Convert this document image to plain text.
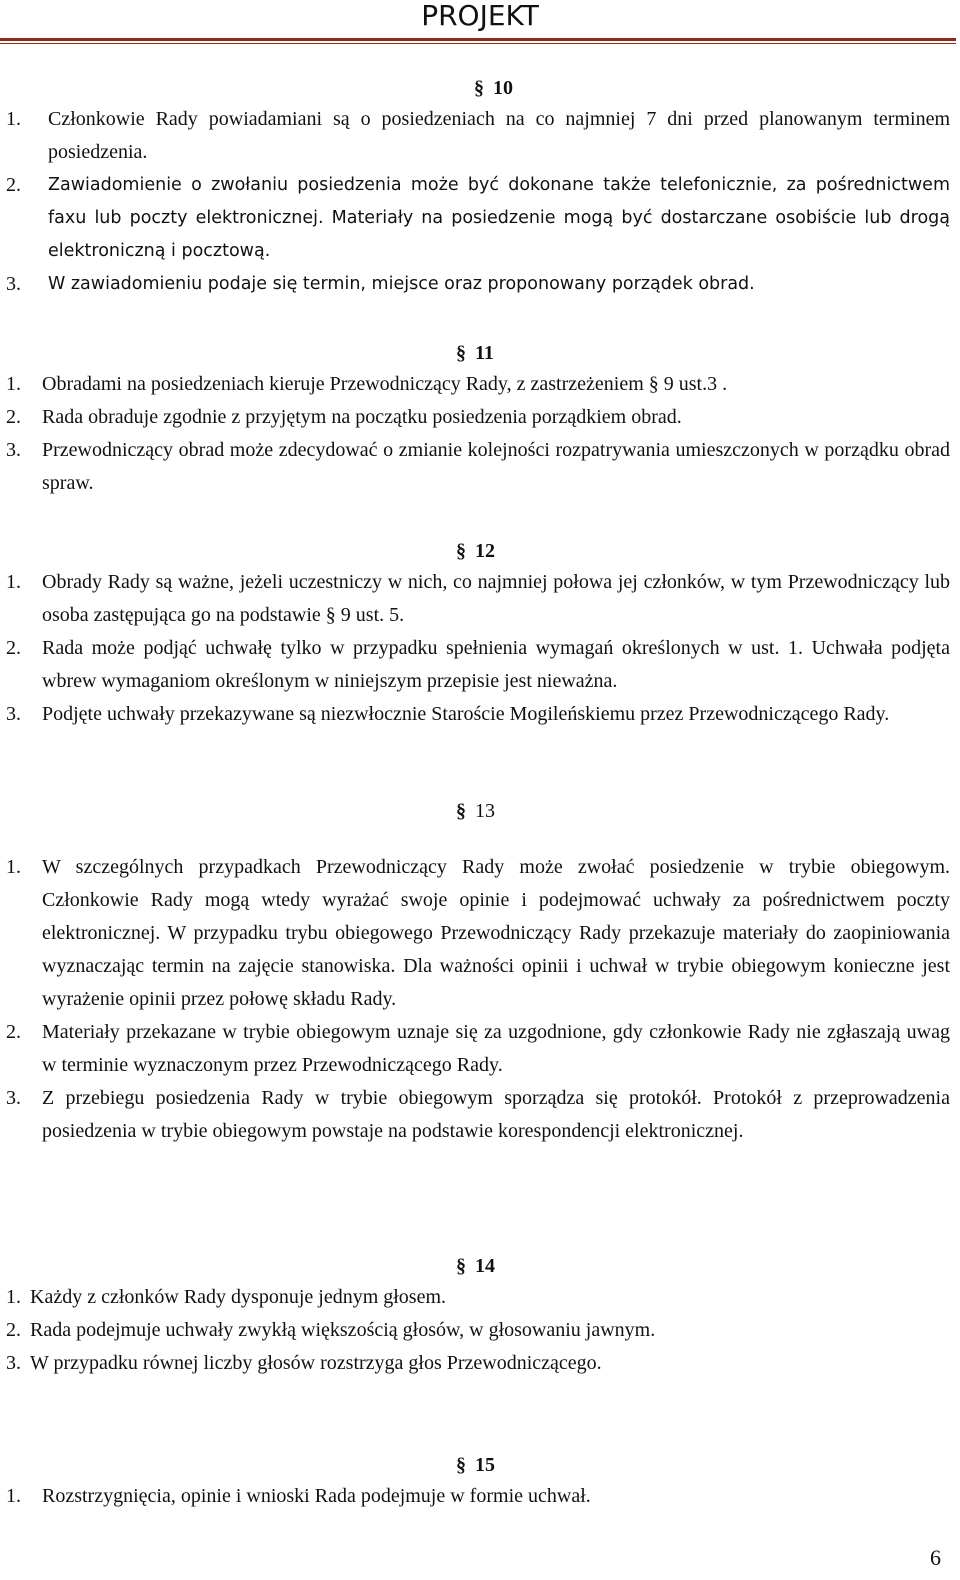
PROJEKT
§ 10
1.	Członkowie Rady powiadamiani są o posiedzeniach na co najmniej 7 dni przed planowanym terminem posiedzenia.
2.	Zawiadomienie o zwołaniu posiedzenia może być dokonane także telefonicznie, za pośrednictwem faxu lub poczty elektronicznej. Materiały na posiedzenie mogą być dostarczane osobiście lub drogą elektroniczną i pocztową.
3.	W zawiadomieniu podaje się termin, miejsce oraz proponowany porządek obrad.
§ 11
1.	Obradami na posiedzeniach kieruje Przewodniczący Rady, z zastrzeżeniem § 9 ust.3 .
2.	Rada obraduje zgodnie z przyjętym na początku posiedzenia porządkiem obrad.
3.	Przewodniczący obrad może zdecydować o zmianie kolejności rozpatrywania umieszczonych w porządku obrad spraw.
§ 12
1.	Obrady Rady są ważne, jeżeli uczestniczy w nich, co najmniej połowa jej członków, w tym Przewodniczący lub osoba zastępująca go na podstawie § 9 ust. 5.
2.	Rada może podjąć uchwałę tylko w przypadku spełnienia wymagań określonych w ust. 1. Uchwała podjęta wbrew wymaganiom określonym w niniejszym przepisie jest nieważna.
3.	Podjęte uchwały przekazywane są niezwłocznie Staroście Mogileńskiemu przez Przewodniczącego Rady.
§ 13
1.	W szczególnych przypadkach Przewodniczący Rady może zwołać posiedzenie w trybie obiegowym. Członkowie Rady mogą wtedy wyrażać swoje opinie i podejmować uchwały za pośrednictwem poczty elektronicznej. W przypadku trybu obiegowego Przewodniczący Rady przekazuje materiały do zaopiniowania wyznaczając termin na zajęcie stanowiska. Dla ważności opinii i uchwał w trybie obiegowym konieczne jest wyrażenie opinii przez połowę składu Rady.
2.	Materiały przekazane w trybie obiegowym uznaje się za uzgodnione, gdy członkowie Rady nie zgłaszają uwag w terminie wyznaczonym przez Przewodniczącego Rady.
3.	Z przebiegu posiedzenia Rady w trybie obiegowym sporządza się protokół. Protokół z przeprowadzenia posiedzenia w trybie obiegowym powstaje na podstawie korespondencji elektronicznej.
§ 14
1. Każdy z członków Rady dysponuje jednym głosem.
2. Rada podejmuje uchwały zwykłą większością głosów, w głosowaniu jawnym.
3. W przypadku równej liczby głosów rozstrzyga głos Przewodniczącego.
§ 15
1.	Rozstrzygnięcia, opinie i wnioski Rada podejmuje w formie uchwał.
6
